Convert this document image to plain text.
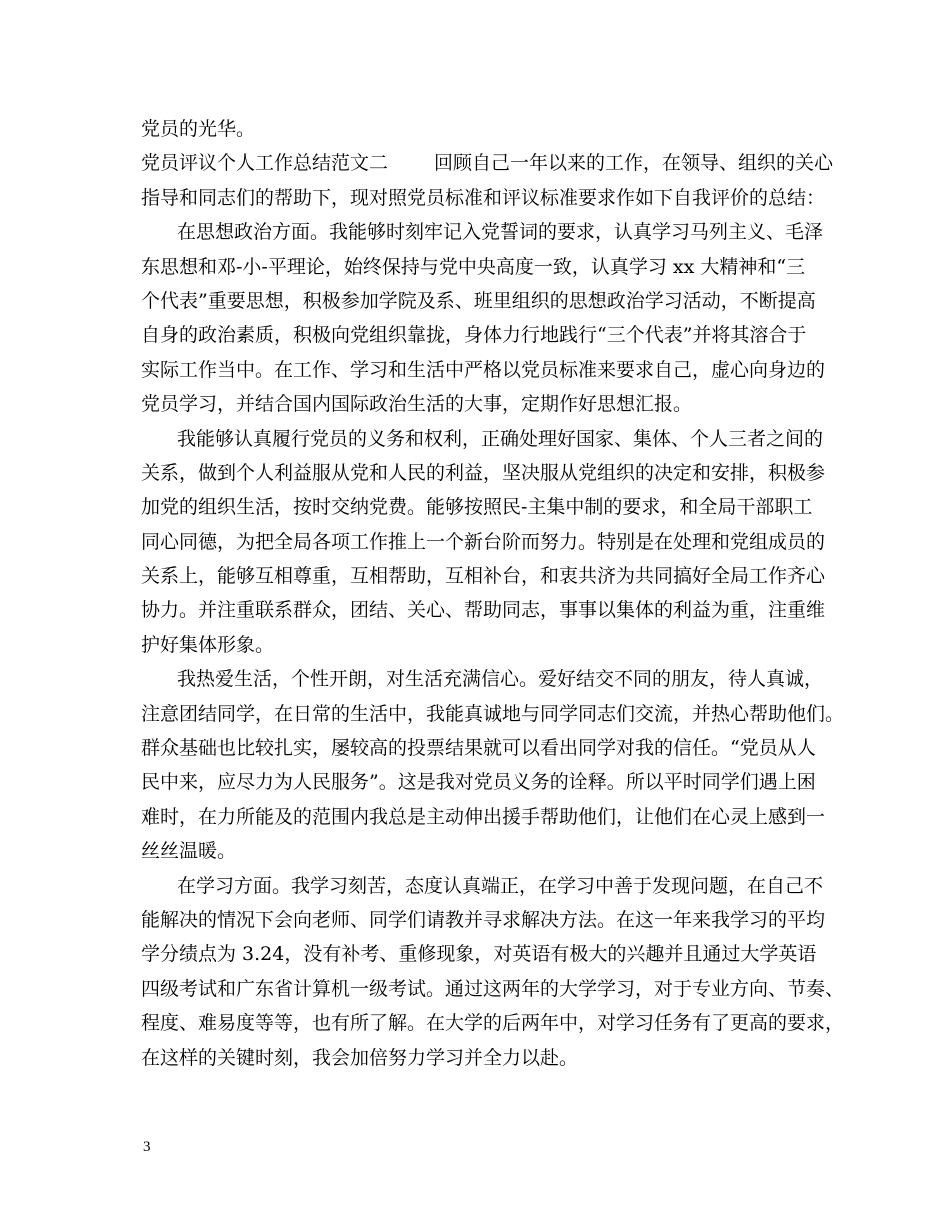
党员的光华。
党员评议个人工作总结范文二 回顾自己一年以来的工作，在领导、组织的关心
指导和同志们的帮助下，现对照党员标准和评议标准要求作如下自我评价的总结：
在思想政治方面。我能够时刻牢记入党誓词的要求，认真学习马列主义、毛泽
东思想和邓-小-平理论，始终保持与党中央高度一致，认真学习 xx 大精神和“三
个代表”重要思想，积极参加学院及系、班里组织的思想政治学习活动，不断提高
自身的政治素质，积极向党组织靠拢，身体力行地践行“三个代表”并将其溶合于
实际工作当中。在工作、学习和生活中严格以党员标准来要求自己，虚心向身边的
党员学习，并结合国内国际政治生活的大事，定期作好思想汇报。
我能够认真履行党员的义务和权利，正确处理好国家、集体、个人三者之间的
关系，做到个人利益服从党和人民的利益，坚决服从党组织的决定和安排，积极参
加党的组织生活，按时交纳党费。能够按照民-主集中制的要求，和全局干部职工
同心同德，为把全局各项工作推上一个新台阶而努力。特别是在处理和党组成员的
关系上，能够互相尊重，互相帮助，互相补台，和衷共济为共同搞好全局工作齐心
协力。并注重联系群众，团结、关心、帮助同志，事事以集体的利益为重，注重维
护好集体形象。
我热爱生活，个性开朗，对生活充满信心。爱好结交不同的朋友，待人真诚，
注意团结同学，在日常的生活中，我能真诚地与同学同志们交流，并热心帮助他们。
群众基础也比较扎实，屡较高的投票结果就可以看出同学对我的信任。“党员从人
民中来，应尽力为人民服务”。这是我对党员义务的诠释。所以平时同学们遇上困
难时，在力所能及的范围内我总是主动伸出援手帮助他们，让他们在心灵上感到一
丝丝温暖。
在学习方面。我学习刻苦，态度认真端正，在学习中善于发现问题，在自己不
能解决的情况下会向老师、同学们请教并寻求解决方法。在这一年来我学习的平均
学分绩点为 3.24，没有补考、重修现象，对英语有极大的兴趣并且通过大学英语
四级考试和广东省计算机一级考试。通过这两年的大学学习，对于专业方向、节奏、
程度、难易度等等，也有所了解。在大学的后两年中，对学习任务有了更高的要求，
在这样的关键时刻，我会加倍努力学习并全力以赴。
3
